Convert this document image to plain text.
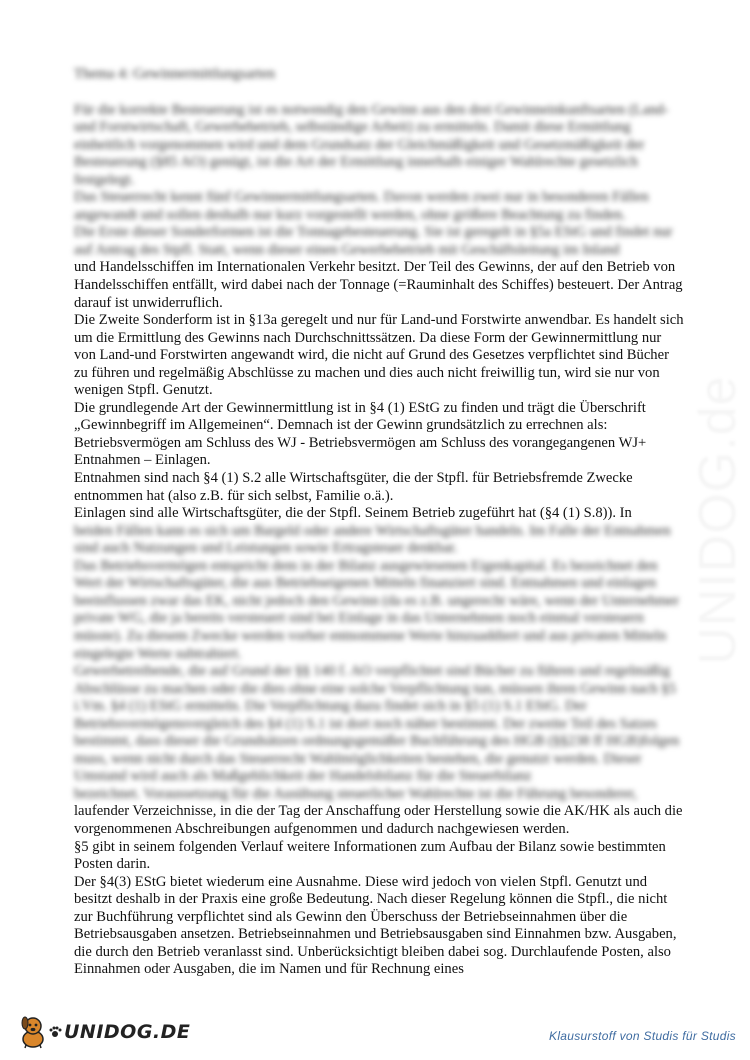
UNIDOG.de

Thema 4: Gewinnermittlungsarten

Für die korrekte Besteuerung ist es notwendig den Gewinn aus den drei Gewinneinkunftsarten (Land- und Forstwirtschaft, Gewerbebetrieb, selbständige Arbeit) zu ermitteln. Damit diese Ermittlung einheitlich vorgenommen wird und dem Grundsatz der Gleichmäßigkeit und Gesetzmäßigkeit der Besteuerung (§85 AO) genügt, ist die Art der Ermittlung innerhalb einiger Wahlrechte gesetzlich festgelegt.

Das Steuerrecht kennt fünf Gewinnermittlungsarten. Davon werden zwei nur in besonderen Fällen angewandt und sollen deshalb nur kurz vorgestellt werden, ohne größere Beachtung zu finden.

Die Erste dieser Sonderformen ist die Tonnagebesteuerung. Sie ist geregelt in §5a EStG und findet nur auf Antrag des Stpfl. Statt, wenn dieser einen Gewerbebetrieb mit Geschäftsleitung im Inland

und Handelsschiffen im Internationalen Verkehr besitzt. Der Teil des Gewinns, der auf den Betrieb von Handelsschiffen entfällt, wird dabei nach der Tonnage (=Rauminhalt des Schiffes) besteuert. Der Antrag darauf ist unwiderruflich.

Die Zweite Sonderform ist in §13a geregelt und nur für Land-und Forstwirte anwendbar. Es handelt sich um die Ermittlung des Gewinns nach Durchschnittssätzen. Da diese Form der Gewinnermittlung nur von Land-und Forstwirten angewandt wird, die nicht auf Grund des Gesetzes verpflichtet sind Bücher zu führen und regelmäßig Abschlüsse zu machen und dies auch nicht freiwillig tun, wird sie nur von wenigen Stpfl. Genutzt.

Die grundlegende Art der Gewinnermittlung ist in §4 (1) EStG zu finden und trägt die Überschrift „Gewinnbegriff im Allgemeinen“. Demnach ist der Gewinn grundsätzlich zu errechnen als: Betriebsvermögen am Schluss des WJ - Betriebsvermögen am Schluss des vorangegangenen WJ+ Entnahmen – Einlagen.

Entnahmen sind nach §4 (1) S.2 alle Wirtschaftsgüter, die der Stpfl. für Betriebsfremde Zwecke entnommen hat (also z.B. für sich selbst, Familie o.ä.).

Einlagen sind alle Wirtschaftsgüter, die der Stpfl. Seinem Betrieb zugeführt hat (§4 (1) S.8)). In

beiden Fällen kann es sich um Bargeld oder andere Wirtschaftsgüter handeln. Im Falle der Entnahmen sind auch Nutzungen und Leistungen sowie Ertragsteuer denkbar.

Das Betriebsvermögen entspricht dem in der Bilanz ausgewiesenen Eigenkapital. Es bezeichnet den Wert der Wirtschaftsgüter, die aus Betriebseigenen Mitteln finanziert sind. Entnahmen und einlagen beeinflussen zwar das EK, nicht jedoch den Gewinn (da es z.B. ungerecht wäre, wenn der Unternehmer private WG, die ja bereits versteuert sind bei Einlage in das Unternehmen noch einmal versteuern müsste). Zu diesem Zwecke werden vorher entnommene Werte hinzuaddiert und aus privaten Mitteln eingelegte Werte subtrahiert.

Gewerbetreibende, die auf Grund der §§ 140 f. AO verpflichtet sind Bücher zu führen und regelmäßig Abschlüsse zu machen oder die dies ohne eine solche Verpflichtung tun, müssen ihren Gewinn nach §5 i.Vm. §4 (1) EStG ermitteln. Die Verpflichtung dazu findet sich in §5 (1) S.1 EStG. Der Betriebsvermögensvergleich des §4 (1) S.1 ist dort noch näher bestimmt. Der zweite Teil des Satzes bestimmt, dass dieser die Grundsätzen ordnungsgemäßer Buchführung des HGB (§§238 ff HGB)folgen muss, wenn nicht durch das Steuerrecht Wahlmöglichkeiten bestehen, die genutzt werden. Dieser Umstand wird auch als Maßgeblichkeit der Handelsbilanz für die Steuerbilanz

bezeichnet. Voraussetzung für die Ausübung steuerlicher Wahlrechte ist die Führung besonderer,

laufender Verzeichnisse, in die der Tag der Anschaffung oder Herstellung sowie die AK/HK als auch die vorgenommenen Abschreibungen aufgenommen und dadurch nachgewiesen werden.

§5 gibt in seinem folgenden Verlauf weitere Informationen zum Aufbau der Bilanz sowie bestimmten Posten darin.

Der §4(3) EStG bietet wiederum eine Ausnahme. Diese wird jedoch von vielen Stpfl. Genutzt und besitzt deshalb in der Praxis eine große Bedeutung. Nach dieser Regelung können die Stpfl., die nicht zur Buchführung verpflichtet sind als Gewinn den Überschuss der Betriebseinnahmen über die Betriebsausgaben ansetzen. Betriebseinnahmen und Betriebsausgaben sind Einnahmen bzw. Ausgaben, die durch den Betrieb veranlasst sind. Unberücksichtigt bleiben dabei sog. Durchlaufende Posten, also Einnahmen oder Ausgaben, die im Namen und für Rechnung eines

UNIDOG.DE	Klausurstoff von Studis für Studis
